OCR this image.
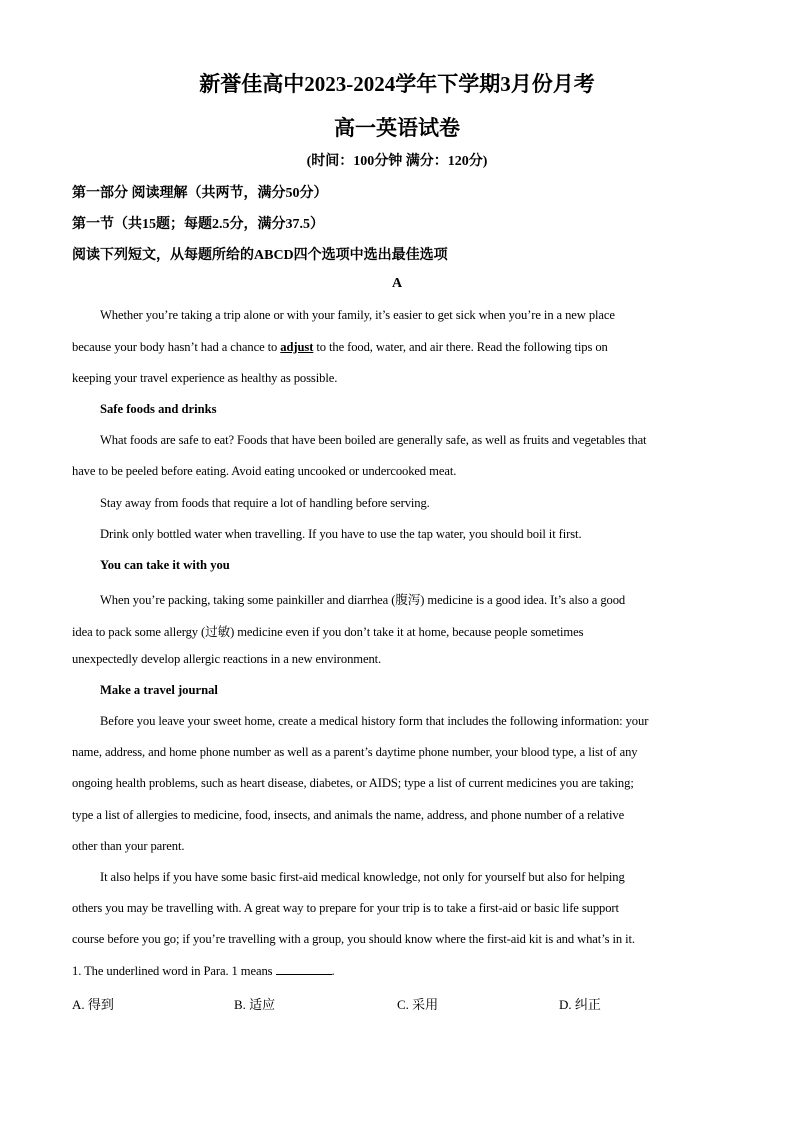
新誉佳高中2023-2024学年下学期3月份月考
高一英语试卷
(时间：100分钟 满分：120分)
第一部分 阅读理解（共两节，满分50分）
第一节（共15题；每题2.5分，满分37.5）
阅读下列短文，从每题所给的ABCD四个选项中选出最佳选项
A
Whether you’re taking a trip alone or with your family, it’s easier to get sick when you’re in a new place
because your body hasn’t had a chance to adjust to the food, water, and air there. Read the following tips on
keeping your travel experience as healthy as possible.
Safe foods and drinks
What foods are safe to eat? Foods that have been boiled are generally safe, as well as fruits and vegetables that
have to be peeled before eating. Avoid eating uncooked or undercooked meat.
Stay away from foods that require a lot of handling before serving.
Drink only bottled water when travelling. If you have to use the tap water, you should boil it first.
You can take it with you
When you’re packing, taking some painkiller and diarrhea (腹泻) medicine is a good idea. It’s also a good
idea to pack some allergy (过敏) medicine even if you don’t take it at home, because people sometimes
unexpectedly develop allergic reactions in a new environment.
Make a travel journal
Before you leave your sweet home, create a medical history form that includes the following information: your
name, address, and home phone number as well as a parent’s daytime phone number, your blood type, a list of any
ongoing health problems, such as heart disease, diabetes, or AIDS; type a list of current medicines you are taking;
type a list of allergies to medicine, food, insects, and animals the name, address, and phone number of a relative
other than your parent.
It also helps if you have some basic first-aid medical knowledge, not only for yourself but also for helping
others you may be travelling with. A great way to prepare for your trip is to take a first-aid or basic life support
course before you go; if you’re travelling with a group, you should know where the first-aid kit is and what’s in it.
1. The underlined word in Para. 1 means	.
A. 得到	B. 适应	C. 采用	D. 纠正
